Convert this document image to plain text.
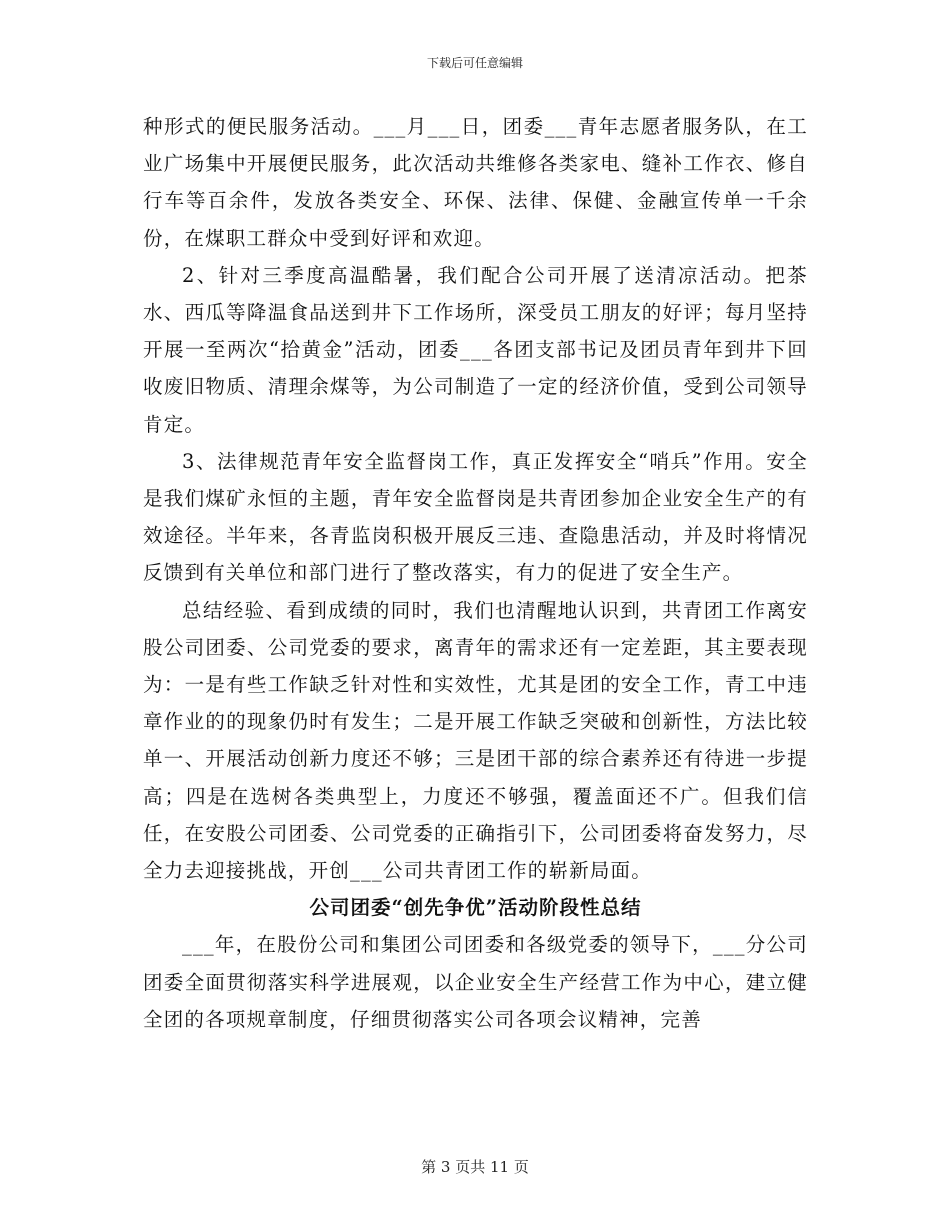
下载后可任意编辑

种形式的便民服务活动。___月___日，团委___青年志愿者服务队，在工业广场集中开展便民服务，此次活动共维修各类家电、缝补工作衣、修自行车等百余件，发放各类安全、环保、法律、保健、金融宣传单一千余份，在煤职工群众中受到好评和欢迎。

2、针对三季度高温酷暑，我们配合公司开展了送清凉活动。把茶水、西瓜等降温食品送到井下工作场所，深受员工朋友的好评；每月坚持开展一至两次“拾黄金”活动，团委___各团支部书记及团员青年到井下回收废旧物质、清理余煤等，为公司制造了一定的经济价值，受到公司领导肯定。

3、法律规范青年安全监督岗工作，真正发挥安全“哨兵”作用。安全是我们煤矿永恒的主题，青年安全监督岗是共青团参加企业安全生产的有效途径。半年来，各青监岗积极开展反三违、查隐患活动，并及时将情况反馈到有关单位和部门进行了整改落实，有力的促进了安全生产。

总结经验、看到成绩的同时，我们也清醒地认识到，共青团工作离安股公司团委、公司党委的要求，离青年的需求还有一定差距，其主要表现为：一是有些工作缺乏针对性和实效性，尤其是团的安全工作，青工中违章作业的的现象仍时有发生；二是开展工作缺乏突破和创新性，方法比较单一、开展活动创新力度还不够；三是团干部的综合素养还有待进一步提高；四是在选树各类典型上，力度还不够强，覆盖面还不广。但我们信任，在安股公司团委、公司党委的正确指引下，公司团委将奋发努力，尽全力去迎接挑战，开创___公司共青团工作的崭新局面。

公司团委“创先争优”活动阶段性总结

___年，在股份公司和集团公司团委和各级党委的领导下，___分公司团委全面贯彻落实科学进展观，以企业安全生产经营工作为中心，建立健全团的各项规章制度，仔细贯彻落实公司各项会议精神，完善

第 3 页共 11 页
